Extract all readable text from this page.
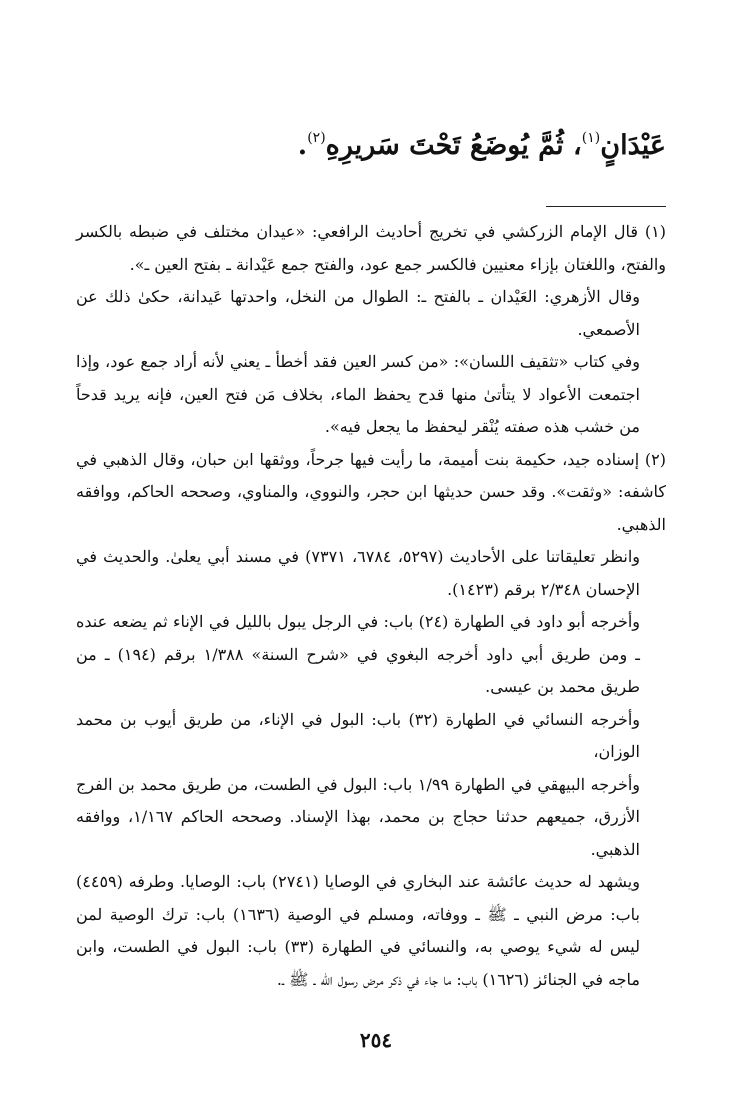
عَيْدَانٍ$^{(١)}$، ثُمَّ يُوضَعُ تَحْتَ سَريرِهِ$^{(٢)}$.

(١) قال الإمام الزركشي في تخريج أحاديث الرافعي: «عيدان مختلف في ضبطه بالكسر والفتح، واللغتان بإزاء معنيين فالكسر جمع عود، والفتح جمع عَيْدانة ـ بفتح العين ـ».

وقال الأزهري: العَيْدان ـ بالفتح ـ: الطوال من النخل، واحدتها عَيدانة، حكىٰ ذلك عن الأصمعي.

وفي كتاب «تثقيف اللسان»: «من كسر العين فقد أخطأ ـ يعني لأنه أراد جمع عود، وإذا اجتمعت الأعواد لا يتأتىٰ منها قدح يحفظ الماء، بخلاف مَن فتح العين، فإنه يريد قدحاً من خشب هذه صفته يُنْقر ليحفظ ما يجعل فيه».

(٢) إسناده جيد، حكيمة بنت أميمة، ما رأيت فيها جرحاً، ووثقها ابن حبان، وقال الذهبي في كاشفه: «وثقت». وقد حسن حديثها ابن حجر، والنووي، والمناوي، وصححه الحاكم، ووافقه الذهبي.

وانظر تعليقاتنا على الأحاديث (٥٢٩٧، ٦٧٨٤، ٧٣٧١) في مسند أبي يعلىٰ. والحديث في الإحسان ٢/٣٤٨ برقم (١٤٢٣).

وأخرجه أبو داود في الطهارة (٢٤) باب: في الرجل يبول بالليل في الإناء ثم يضعه عنده ـ ومن طريق أبي داود أخرجه البغوي في «شرح السنة» ١/٣٨٨ برقم (١٩٤) ـ من طريق محمد بن عيسى.

وأخرجه النسائي في الطهارة (٣٢) باب: البول في الإناء، من طريق أيوب بن محمد الوزان،

وأخرجه البيهقي في الطهارة ١/٩٩ باب: البول في الطست، من طريق محمد بن الفرج الأزرق، جميعهم حدثنا حجاج بن محمد، بهذا الإسناد. وصححه الحاكم ١/١٦٧، ووافقه الذهبي.

ويشهد له حديث عائشة عند البخاري في الوصايا (٢٧٤١) باب: الوصايا. وطرفه (٤٤٥٩) باب: مرض النبي ـ ﷺ ـ ووفاته، ومسلم في الوصية (١٦٣٦) باب: ترك الوصية لمن ليس له شيء يوصي به، والنسائي في الطهارة (٣٣) باب: البول في الطست، وابن ماجه في الجنائز (١٦٢٦) باب: ما جاء في ذكر مرض رسول الله ـ ﷺ ـ.

٢٥٤
